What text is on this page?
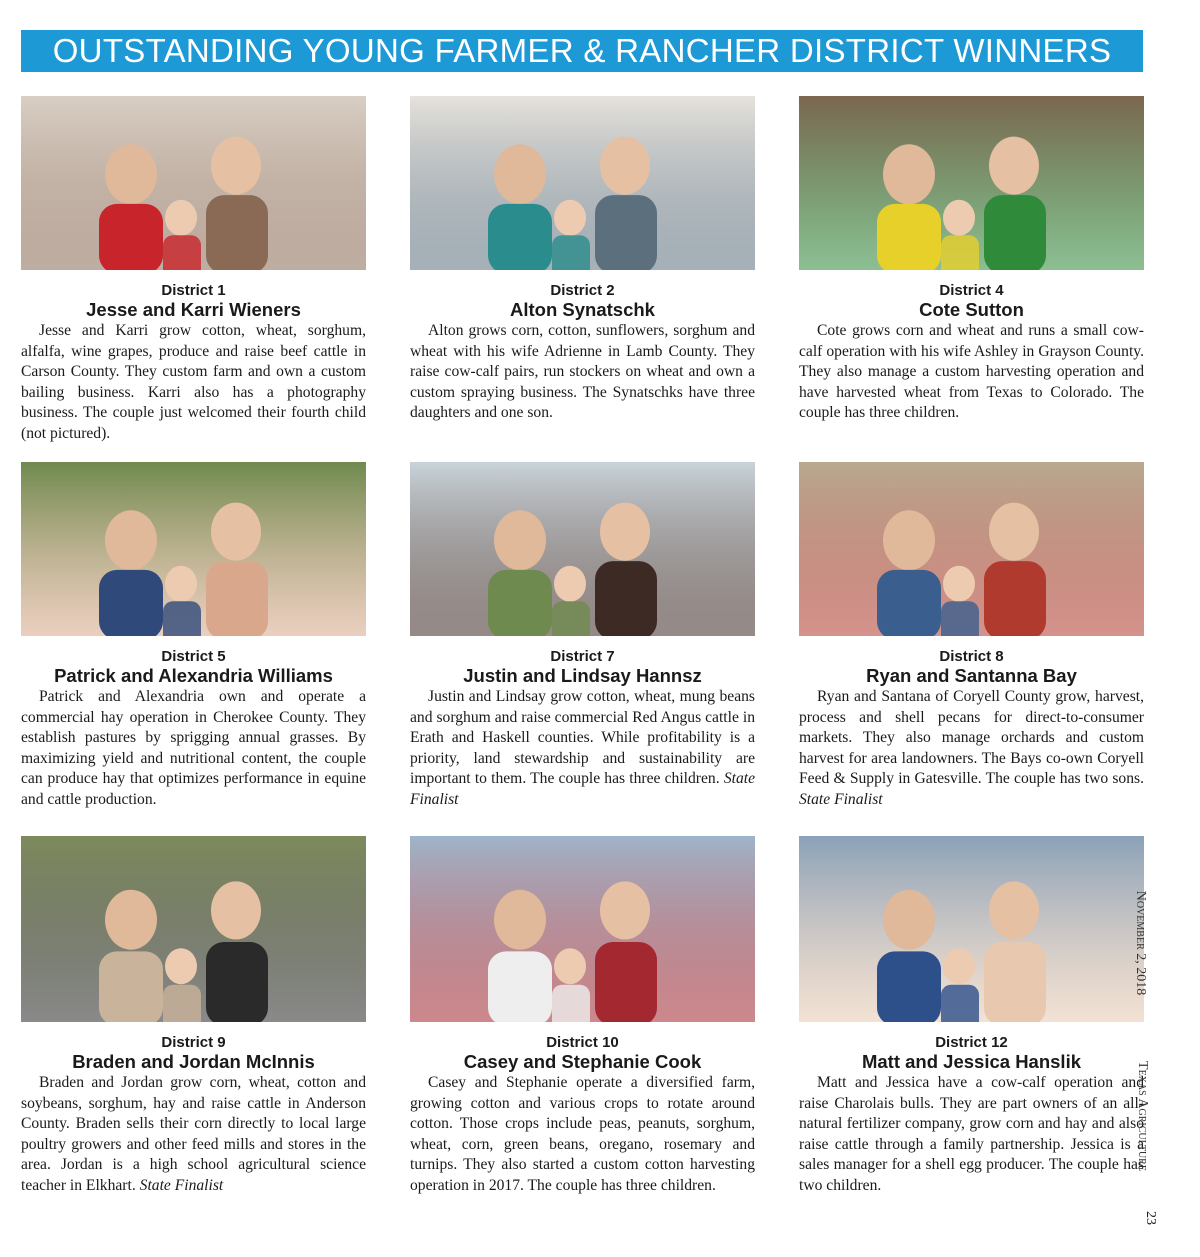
OUTSTANDING YOUNG FARMER & RANCHER DISTRICT WINNERS
District 1
Jesse and Karri Wieners

Jesse and Karri grow cotton, wheat, sorghum, alfalfa, wine grapes, produce and raise beef cattle in Carson County. They custom farm and own a custom bailing business. Karri also has a photography business. The couple just welcomed their fourth child (not pictured).

District 2
Alton Synatschk

Alton grows corn, cotton, sunflowers, sorghum and wheat with his wife Adrienne in Lamb County. They raise cow-calf pairs, run stockers on wheat and own a custom spraying business. The Synatschks have three daughters and one son.

District 4
Cote Sutton

Cote grows corn and wheat and runs a small cow-calf operation with his wife Ashley in Grayson County. They also manage a custom harvesting operation and have harvested wheat from Texas to Colorado. The couple has three children.

District 5
Patrick and Alexandria Williams

Patrick and Alexandria own and operate a commercial hay operation in Cherokee County. They establish pastures by sprigging annual grasses. By maximizing yield and nutritional content, the couple can produce hay that optimizes performance in equine and cattle production.

District 7
Justin and Lindsay Hannsz

Justin and Lindsay grow cotton, wheat, mung beans and sorghum and raise commercial Red Angus cattle in Erath and Haskell counties. While profitability is a priority, land stewardship and sustainability are important to them. The couple has three children. State Finalist

District 8
Ryan and Santanna Bay

Ryan and Santana of Coryell County grow, harvest, process and shell pecans for direct-to-consumer markets. They also manage orchards and custom harvest for area landowners. The Bays co-own Coryell Feed & Supply in Gatesville. The couple has two sons. State Finalist

District 9
Braden and Jordan McInnis

Braden and Jordan grow corn, wheat, cotton and soybeans, sorghum, hay and raise cattle in Anderson County. Braden sells their corn directly to local large poultry growers and other feed mills and stores in the area. Jordan is a high school agricultural science teacher in Elkhart. State Finalist

District 10
Casey and Stephanie Cook

Casey and Stephanie operate a diversified farm, growing cotton and various crops to rotate around cotton. Those crops include peas, peanuts, sorghum, wheat, corn, green beans, oregano, rosemary and turnips. They also started a custom cotton harvesting operation in 2017. The couple has three children.

District 12
Matt and Jessica Hanslik

Matt and Jessica have a cow-calf operation and raise Charolais bulls. They are part owners of an all-natural fertilizer company, grow corn and hay and also raise cattle through a family partnership. Jessica is a sales manager for a shell egg producer. The couple has two children.

November 2, 2018
Texas Agriculture
23
